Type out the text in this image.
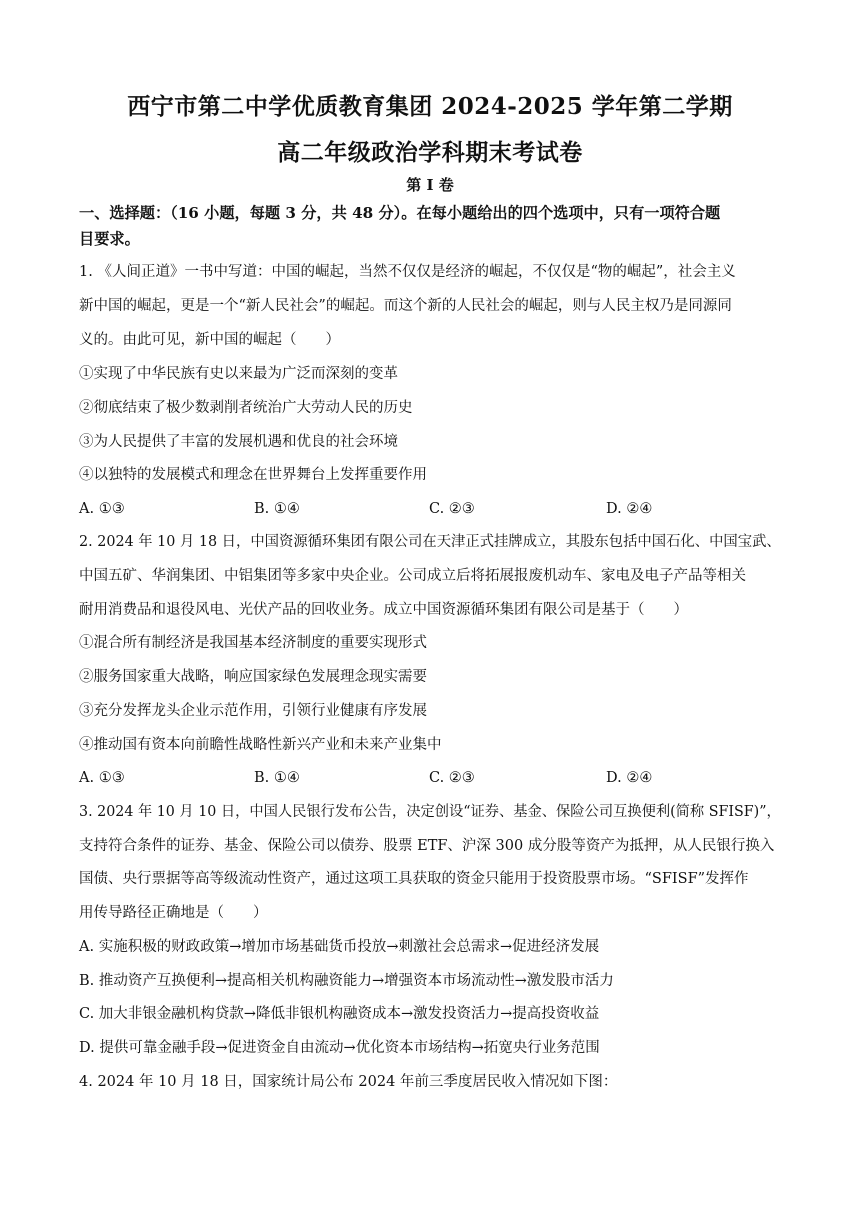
西宁市第二中学优质教育集团 2024-2025 学年第二学期
高二年级政治学科期末考试卷
第 I 卷
一、选择题：（16 小题，每题 3 分，共 48 分）。在每小题给出的四个选项中，只有一项符合题
目要求。
1. 《人间正道》一书中写道：中国的崛起，当然不仅仅是经济的崛起，不仅仅是“物的崛起”，社会主义
新中国的崛起，更是一个“新人民社会”的崛起。而这个新的人民社会的崛起，则与人民主权乃是同源同
义的。由此可见，新中国的崛起（　　）
①实现了中华民族有史以来最为广泛而深刻的变革
②彻底结束了极少数剥削者统治广大劳动人民的历史
③为人民提供了丰富的发展机遇和优良的社会环境
④以独特的发展模式和理念在世界舞台上发挥重要作用
A. ①③	B. ①④	C. ②③	D. ②④
2. 2024 年 10 月 18 日，中国资源循环集团有限公司在天津正式挂牌成立，其股东包括中国石化、中国宝武、
中国五矿、华润集团、中铝集团等多家中央企业。公司成立后将拓展报废机动车、家电及电子产品等相关
耐用消费品和退役风电、光伏产品的回收业务。成立中国资源循环集团有限公司是基于（　　）
①混合所有制经济是我国基本经济制度的重要实现形式
②服务国家重大战略，响应国家绿色发展理念现实需要
③充分发挥龙头企业示范作用，引领行业健康有序发展
④推动国有资本向前瞻性战略性新兴产业和未来产业集中
A. ①③	B. ①④	C. ②③	D. ②④
3. 2024 年 10 月 10 日，中国人民银行发布公告，决定创设“证券、基金、保险公司互换便利(简称 SFISF)”，
支持符合条件的证券、基金、保险公司以债券、股票 ETF、沪深 300 成分股等资产为抵押，从人民银行换入
国债、央行票据等高等级流动性资产，通过这项工具获取的资金只能用于投资股票市场。“SFISF”发挥作
用传导路径正确地是（　　）
A. 实施积极的财政政策→增加市场基础货币投放→刺激社会总需求→促进经济发展
B. 推动资产互换便利→提高相关机构融资能力→增强资本市场流动性→激发股市活力
C. 加大非银金融机构贷款→降低非银机构融资成本→激发投资活力→提高投资收益
D. 提供可靠金融手段→促进资金自由流动→优化资本市场结构→拓宽央行业务范围
4. 2024 年 10 月 18 日，国家统计局公布 2024 年前三季度居民收入情况如下图：
